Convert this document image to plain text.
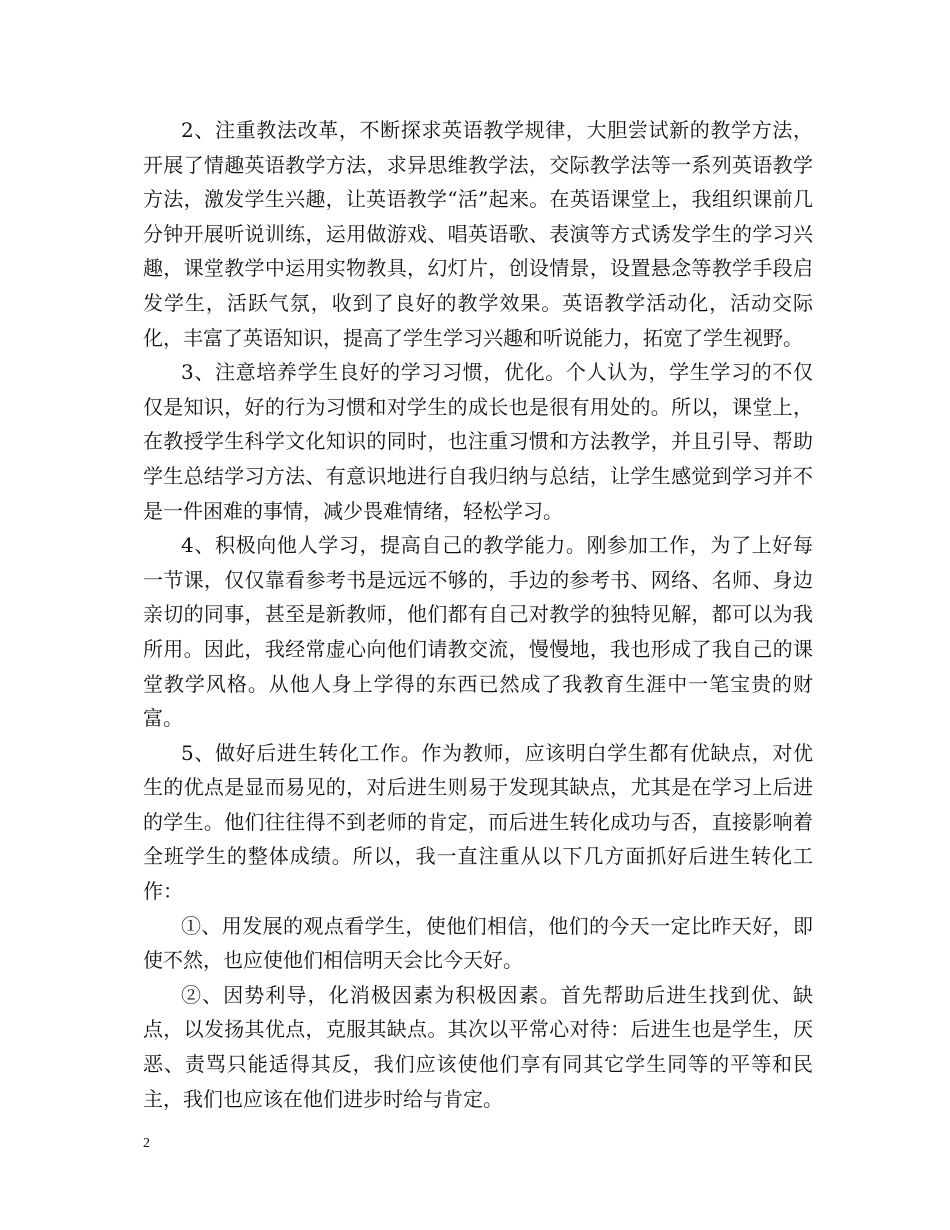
2、注重教法改革，不断探求英语教学规律，大胆尝试新的教学方法，开展了情趣英语教学方法，求异思维教学法，交际教学法等一系列英语教学方法，激发学生兴趣，让英语教学“活”起来。在英语课堂上，我组织课前几分钟开展听说训练，运用做游戏、唱英语歌、表演等方式诱发学生的学习兴趣，课堂教学中运用实物教具，幻灯片，创设情景，设置悬念等教学手段启发学生，活跃气氛，收到了良好的教学效果。英语教学活动化，活动交际化，丰富了英语知识，提高了学生学习兴趣和听说能力，拓宽了学生视野。

3、注意培养学生良好的学习习惯，优化。个人认为，学生学习的不仅仅是知识，好的行为习惯和对学生的成长也是很有用处的。所以，课堂上，在教授学生科学文化知识的同时，也注重习惯和方法教学，并且引导、帮助学生总结学习方法、有意识地进行自我归纳与总结，让学生感觉到学习并不是一件困难的事情，减少畏难情绪，轻松学习。

4、积极向他人学习，提高自己的教学能力。刚参加工作，为了上好每一节课，仅仅靠看参考书是远远不够的，手边的参考书、网络、名师、身边亲切的同事，甚至是新教师，他们都有自己对教学的独特见解，都可以为我所用。因此，我经常虚心向他们请教交流，慢慢地，我也形成了我自己的课堂教学风格。从他人身上学得的东西已然成了我教育生涯中一笔宝贵的财富。

5、做好后进生转化工作。作为教师，应该明白学生都有优缺点，对优生的优点是显而易见的，对后进生则易于发现其缺点，尤其是在学习上后进的学生。他们往往得不到老师的肯定，而后进生转化成功与否，直接影响着全班学生的整体成绩。所以，我一直注重从以下几方面抓好后进生转化工作：

①、用发展的观点看学生，使他们相信，他们的今天一定比昨天好，即使不然，也应使他们相信明天会比今天好。

②、因势利导，化消极因素为积极因素。首先帮助后进生找到优、缺点，以发扬其优点，克服其缺点。其次以平常心对待：后进生也是学生，厌恶、责骂只能适得其反，我们应该使他们享有同其它学生同等的平等和民主，我们也应该在他们进步时给与肯定。

2
